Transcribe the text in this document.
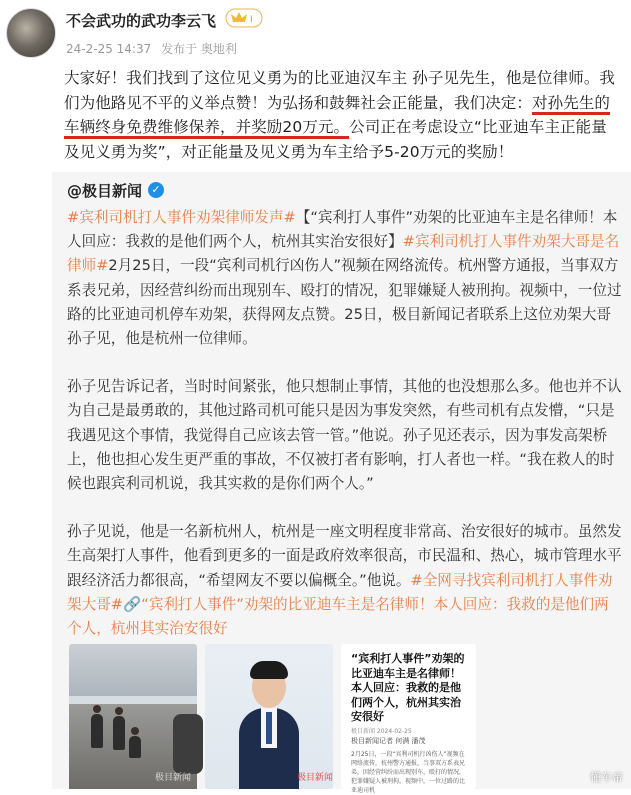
不会武功的武功李云飞	Ⅰ
24-2-25 14:37 发布于 奥地利
大家好！我们找到了这位见义勇为的比亚迪汉车主 孙子见先生，他是位律师。我们为他路见不平的义举点赞！为弘扬和鼓舞社会正能量，我们决定：对孙先生的车辆终身免费维修保养，并奖励20万元。公司正在考虑设立“比亚迪车主正能量及见义勇为奖”，对正能量及见义勇为车主给予5-20万元的奖励！
@极目新闻 ✓

#宾利司机打人事件劝架律师发声#【“宾利打人事件”劝架的比亚迪车主是名律师！本人回应：我救的是他们两个人，杭州其实治安很好】#宾利司机打人事件劝架大哥是名律师#2月25日，一段“宾利司机行凶伤人”视频在网络流传。杭州警方通报，当事双方系表兄弟，因经营纠纷而出现别车、殴打的情况，犯罪嫌疑人被刑拘。视频中，一位过路的比亚迪司机停车劝架，获得网友点赞。25日，极目新闻记者联系上这位劝架大哥孙子见，他是杭州一位律师。

孙子见告诉记者，当时时间紧张，他只想制止事情，其他的也没想那么多。他也并不认为自己是最勇敢的，其他过路司机可能只是因为事发突然，有些司机有点发懵，“只是我遇见这个事情，我觉得自己应该去管一管。”他说。孙子见还表示，因为事发高架桥上，他也担心发生更严重的事故，不仅被打者有影响，打人者也一样。“我在救人的时候也跟宾利司机说，我其实救的是你们两个人。”

孙子见说，他是一名新杭州人，杭州是一座文明程度非常高、治安很好的城市。虽然发生高架打人事件，他看到更多的一面是政府效率很高，市民温和、热心，城市管理水平跟经济活力都很高，“希望网友不要以偏概全。”他说。#全网寻找宾利司机打人事件劝架大哥#🔗“宾利打人事件”劝架的比亚迪车主是名律师！本人回应：我救的是他们两个人，杭州其实治安很好

极目新闻	极目新闻
“宾利打人事件”劝架的比亚迪车主是名律师！本人回应：我救的是他们两个人，杭州其实治安很好
极目新闻 2024-02-25
极目新闻记者 何满 潘茂
2月25日，一段“宾利司机行凶伤人”视频在网络流传，杭州警方通报，当事双方系表兄弟，因经营纠纷而出现别车、殴打的情况，犯罪嫌疑人被刑拘。视频中，一位过路的比亚迪司机
懂车帝
